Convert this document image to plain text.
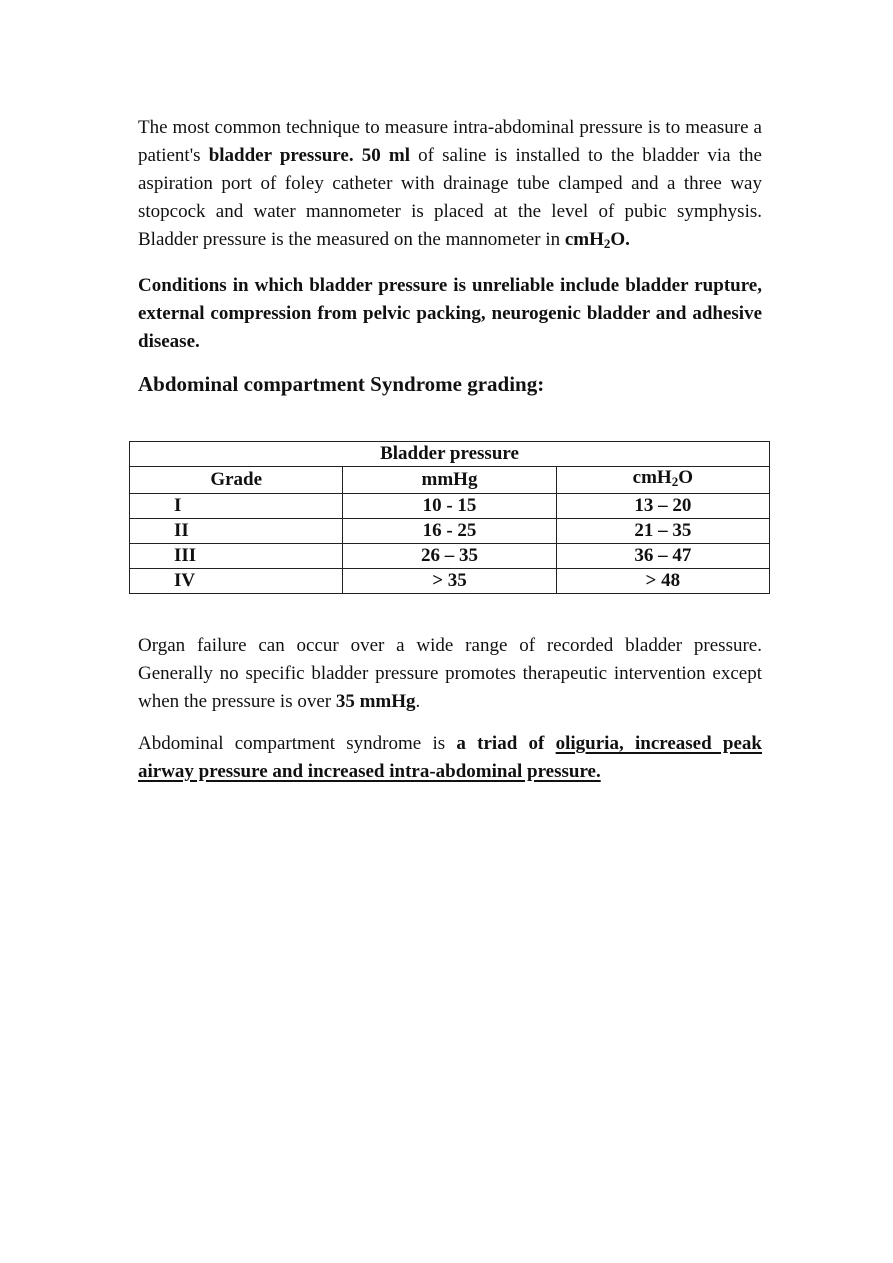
The most common technique to measure intra-abdominal pressure is to measure a patient's bladder pressure. 50 ml of saline is installed to the bladder via the aspiration port of foley catheter with drainage tube clamped and a three way stopcock and water mannometer is placed at the level of pubic symphysis. Bladder pressure is the measured on the mannometer in cmH$_2$O.

Conditions in which bladder pressure is unreliable include bladder rupture, external compression from pelvic packing, neurogenic bladder and adhesive disease.

Abdominal compartment Syndrome grading:
Bladder pressure		
Grade	mmHg	cmH$_2$O
I	10 - 15	13 – 20
II	16 - 25	21 – 35
III	26 – 35	36 – 47
IV	> 35	> 48

Organ failure can occur over a wide range of recorded bladder pressure. Generally no specific bladder pressure promotes therapeutic intervention except when the pressure is over 35 mmHg.

Abdominal compartment syndrome is a triad of oliguria, increased peak airway pressure and increased intra-abdominal pressure.
